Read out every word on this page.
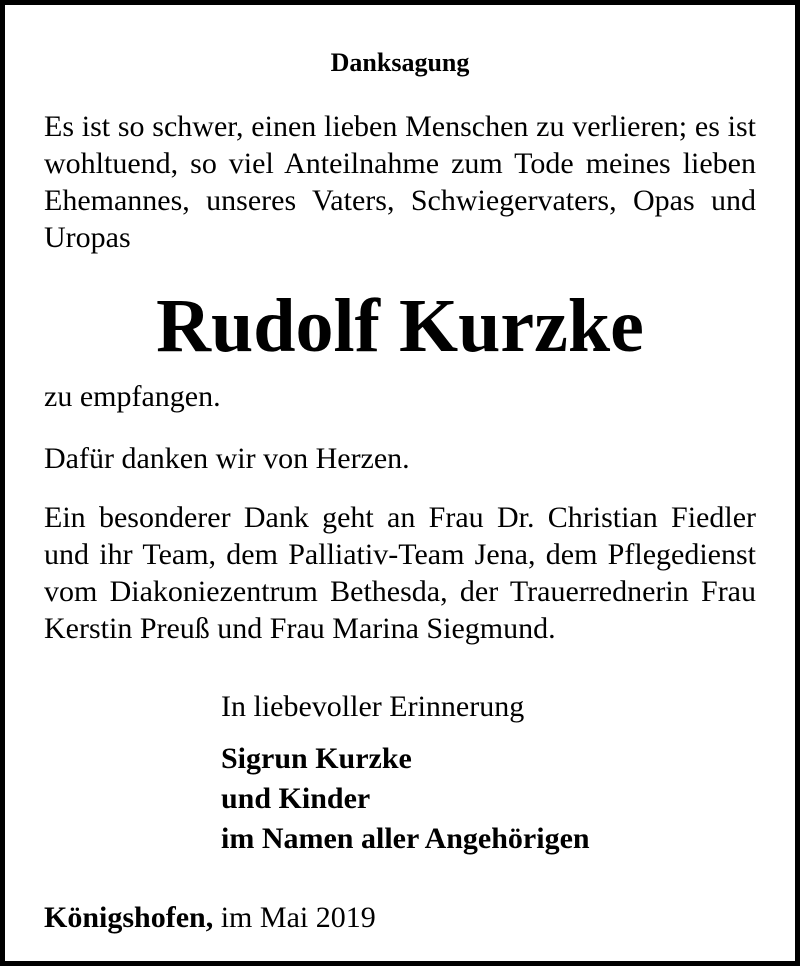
Danksagung

Es ist so schwer, einen lieben Menschen zu verlieren; es ist wohltuend, so viel Anteilnahme zum Tode meines lieben Ehemannes, unseres Vaters, Schwiegervaters, Opas und Uropas

Rudolf Kurzke

zu empfangen.

Dafür danken wir von Herzen.

Ein besonderer Dank geht an Frau Dr. Christian Fiedler und ihr Team, dem Palliativ-Team Jena, dem Pflegedienst vom Diakoniezentrum Bethesda, der Trauerrednerin Frau Kerstin Preuß und Frau Marina Siegmund.

In liebevoller Erinnerung

Sigrun Kurzke

und Kinder

im Namen aller Angehörigen

Königshofen, im Mai 2019
